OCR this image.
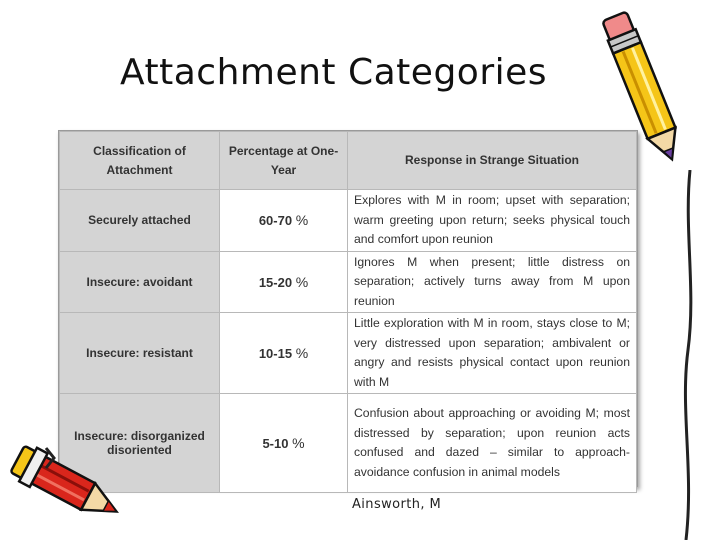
Attachment Categories
Classification of Attachment	Percentage at One-Year	Response in Strange Situation
Securely attached	60-70 %	Explores with M in room; upset with separation; warm greeting upon return; seeks physical touch and comfort upon reunion
Insecure: avoidant	15-20 %	Ignores M when present; little distress on separation; actively turns away from M upon reunion
Insecure: resistant	10-15 %	Little exploration with M in room, stays close to M; very distressed upon separation; ambivalent or angry and resists physical contact upon reunion with M
Insecure: disorganized disoriented	5-10 %	Confusion about approaching or avoiding M; most distressed by separation; upon reunion acts confused and dazed – similar to approach-avoidance confusion in animal models
Ainsworth, M
